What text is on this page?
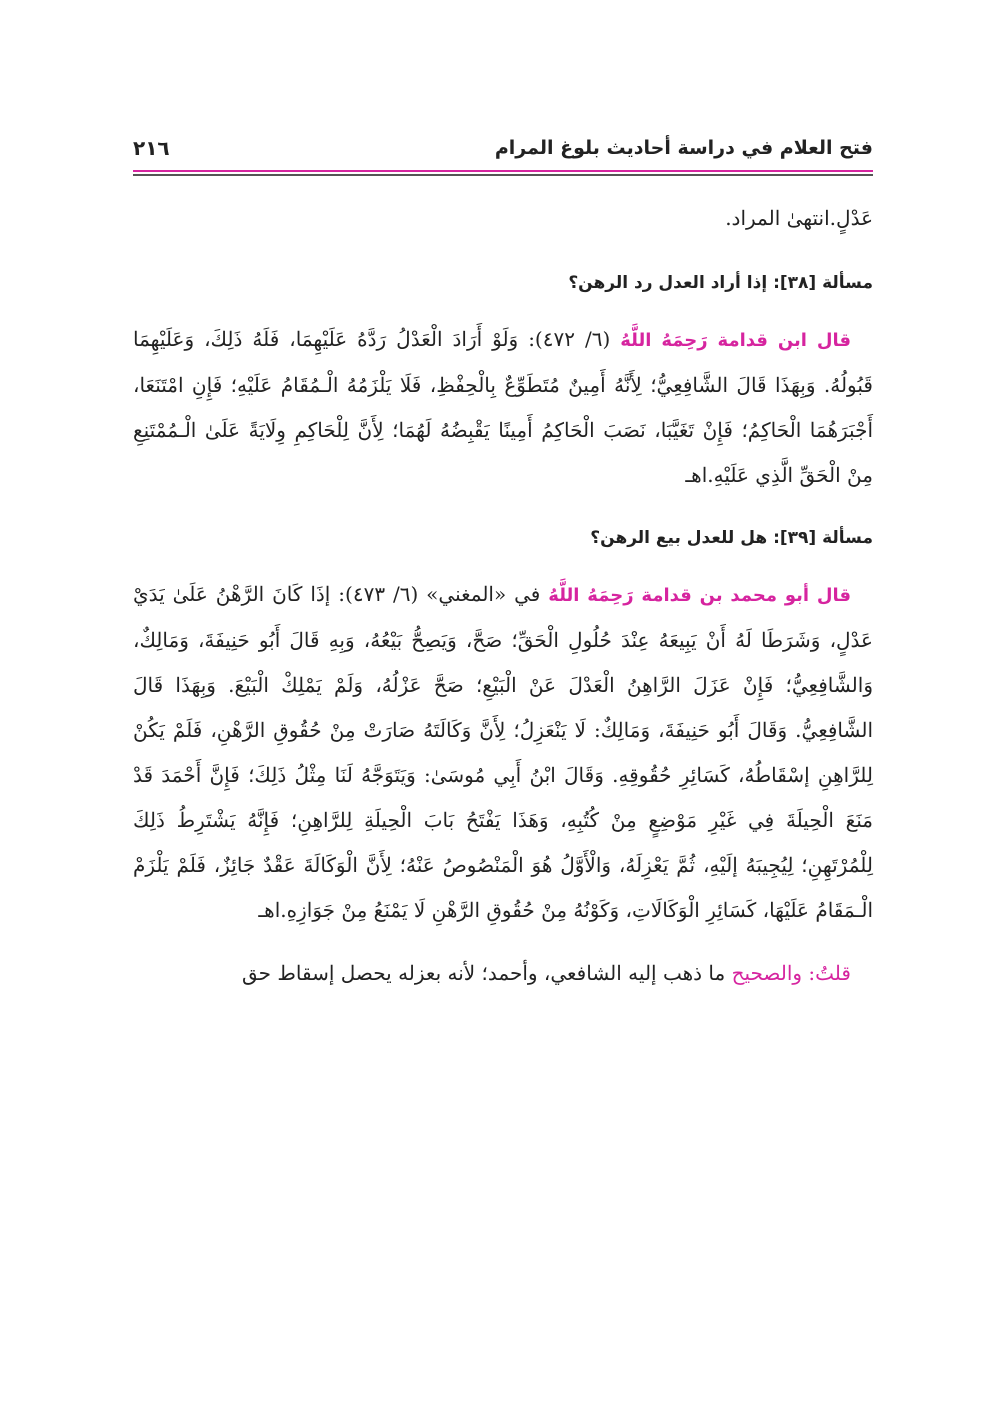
فتح العلام في دراسة أحاديث بلوغ المرام
٢١٦

عَدْلٍ.انتهىٰ المراد.

مسألة [٣٨]: إذا أراد العدل رد الرهن؟

قال ابن قدامة رَحِمَهُ اللَّهُ (٦/ ٤٧٢): وَلَوْ أَرَادَ الْعَدْلُ رَدَّهُ عَلَيْهِمَا، فَلَهُ ذَلِكَ، وَعَلَيْهِمَا قَبُولُهُ. وَبِهَذَا قَالَ الشَّافِعِيُّ؛ لِأَنَّهُ أَمِينٌ مُتَطَوِّعٌ بِالْحِفْظِ، فَلَا يَلْزَمُهُ الْـمُقَامُ عَلَيْهِ؛ فَإِنِ امْتَنَعَا، أَجْبَرَهُمَا الْحَاكِمُ؛ فَإِنْ تَغَيَّبَا، نَصَبَ الْحَاكِمُ أَمِينًا يَقْبِضُهُ لَهُمَا؛ لِأَنَّ لِلْحَاكِمِ وِلَايَةً عَلَىٰ الْـمُمْتَنِعِ مِنْ الْحَقِّ الَّذِي عَلَيْهِ.اهـ

مسألة [٣٩]: هل للعدل بيع الرهن؟

قال أبو محمد بن قدامة رَحِمَهُ اللَّهُ في «المغني» (٦/ ٤٧٣): إذَا كَانَ الرَّهْنُ عَلَىٰ يَدَيْ عَدْلٍ، وَشَرَطَا لَهُ أَنْ يَبِيعَهُ عِنْدَ حُلُولِ الْحَقِّ؛ صَحَّ، وَيَصِحُّ بَيْعُهُ، وَبِهِ قَالَ أَبُو حَنِيفَةَ، وَمَالِكٌ، وَالشَّافِعِيُّ؛ فَإِنْ عَزَلَ الرَّاهِنُ الْعَدْلَ عَنْ الْبَيْعِ؛ صَحَّ عَزْلُهُ، وَلَمْ يَمْلِكْ الْبَيْعَ. وَبِهَذَا قَالَ الشَّافِعِيُّ. وَقَالَ أَبُو حَنِيفَةَ، وَمَالِكٌ: لَا يَنْعَزِلُ؛ لِأَنَّ وَكَالَتَهُ صَارَتْ مِنْ حُقُوقِ الرَّهْنِ، فَلَمْ يَكُنْ لِلرَّاهِنِ إسْقَاطُهُ، كَسَائِرِ حُقُوقِهِ. وَقَالَ ابْنُ أَبِي مُوسَىٰ: وَيَتَوَجَّهُ لَنَا مِثْلُ ذَلِكَ؛ فَإِنَّ أَحْمَدَ قَدْ مَنَعَ الْحِيلَةَ فِي غَيْرِ مَوْضِعٍ مِنْ كُتُبِهِ، وَهَذَا يَفْتَحُ بَابَ الْحِيلَةِ لِلرَّاهِنِ؛ فَإِنَّهُ يَشْتَرِطُ ذَلِكَ لِلْمُرْتَهِنِ؛ لِيُجِيبَهُ إلَيْهِ، ثُمَّ يَعْزِلَهُ، وَالْأَوَّلُ هُوَ الْمَنْصُوصُ عَنْهُ؛ لِأَنَّ الْوَكَالَةَ عَقْدٌ جَائِزٌ، فَلَمْ يَلْزَمْ الْـمَقَامُ عَلَيْهَا، كَسَائِرِ الْوَكَالَاتِ، وَكَوْنُهُ مِنْ حُقُوقِ الرَّهْنِ لَا يَمْنَعُ مِنْ جَوَازِهِ.اهـ

قلتُ: والصحيح ما ذهب إليه الشافعي، وأحمد؛ لأنه بعزله يحصل إسقاط حق
